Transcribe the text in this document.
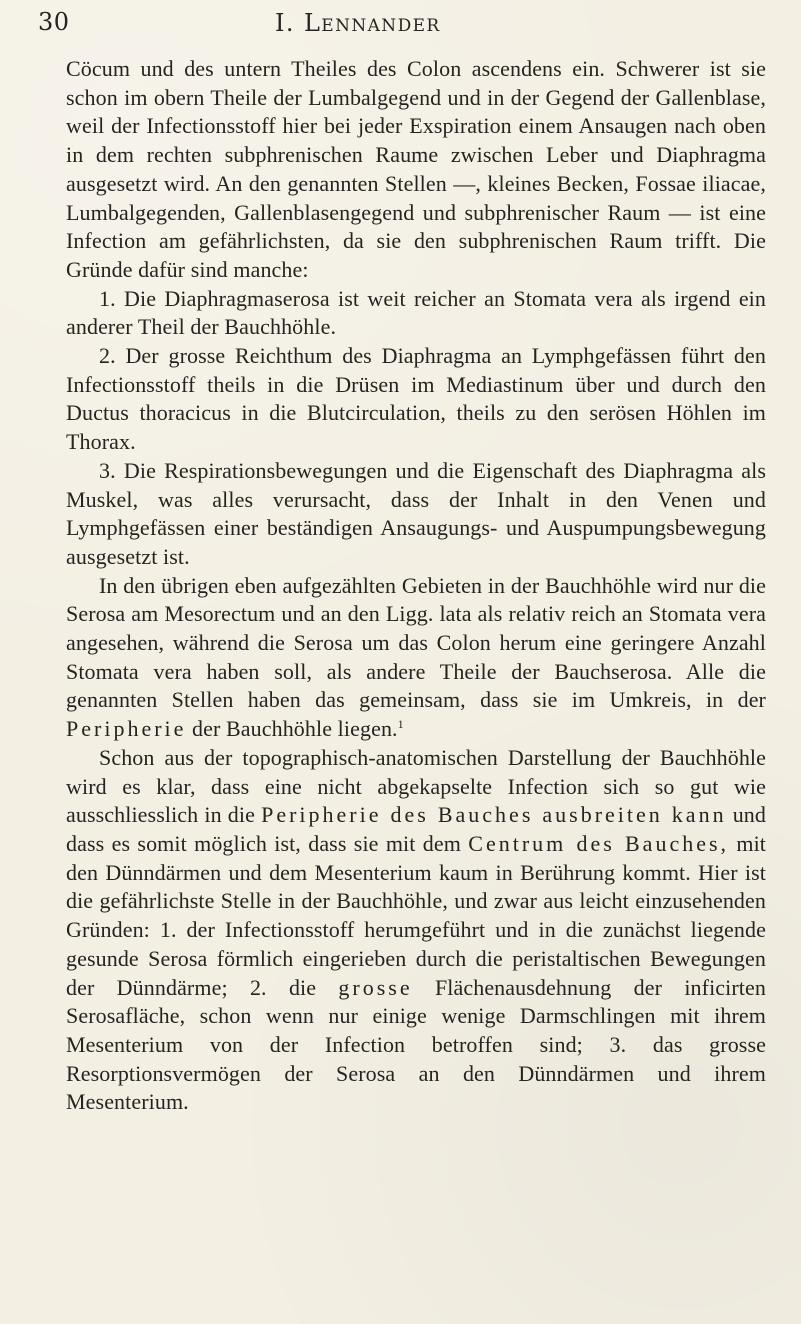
30	I. Lennander

Cöcum und des untern Theiles des Colon ascendens ein. Schwerer ist sie schon im obern Theile der Lumbalgegend und in der Gegend der Gallenblase, weil der Infectionsstoff hier bei jeder Exspiration einem Ansaugen nach oben in dem rechten subphrenischen Raume zwischen Leber und Diaphragma ausgesetzt wird. An den genannten Stellen —, kleines Becken, Fossae iliacae, Lumbalgegenden, Gallenblasengegend und subphrenischer Raum — ist eine Infection am gefährlichsten, da sie den subphrenischen Raum trifft. Die Gründe dafür sind manche:

1. Die Diaphragmaserosa ist weit reicher an Stomata vera als irgend ein anderer Theil der Bauchhöhle.

2. Der grosse Reichthum des Diaphragma an Lymphgefässen führt den Infectionsstoff theils in die Drüsen im Mediastinum über und durch den Ductus thoracicus in die Blutcirculation, theils zu den serösen Höhlen im Thorax.

3. Die Respirationsbewegungen und die Eigenschaft des Diaphragma als Muskel, was alles verursacht, dass der Inhalt in den Venen und Lymphgefässen einer beständigen Ansaugungs- und Auspumpungsbewegung ausgesetzt ist.

In den übrigen eben aufgezählten Gebieten in der Bauchhöhle wird nur die Serosa am Mesorectum und an den Ligg. lata als relativ reich an Stomata vera angesehen, während die Serosa um das Colon herum eine geringere Anzahl Stomata vera haben soll, als andere Theile der Bauchserosa. Alle die genannten Stellen haben das gemeinsam, dass sie im Umkreis, in der Peripherie der Bauchhöhle liegen.$^1$

Schon aus der topographisch-anatomischen Darstellung der Bauchhöhle wird es klar, dass eine nicht abgekapselte Infection sich so gut wie ausschliesslich in die Peripherie des Bauches ausbreiten kann und dass es somit möglich ist, dass sie mit dem Centrum des Bauches, mit den Dünndärmen und dem Mesenterium kaum in Berührung kommt. Hier ist die gefährlichste Stelle in der Bauchhöhle, und zwar aus leicht einzusehenden Gründen: 1. der Infectionsstoff herumgeführt und in die zunächst liegende gesunde Serosa förmlich eingerieben durch die peristaltischen Bewegungen der Dünndärme; 2. die grosse Flächenausdehnung der inficirten Serosafläche, schon wenn nur einige wenige Darmschlingen mit ihrem Mesenterium von der Infection betroffen sind; 3. das grosse Resorptionsvermögen der Serosa an den Dünndärmen und ihrem Mesenterium.
